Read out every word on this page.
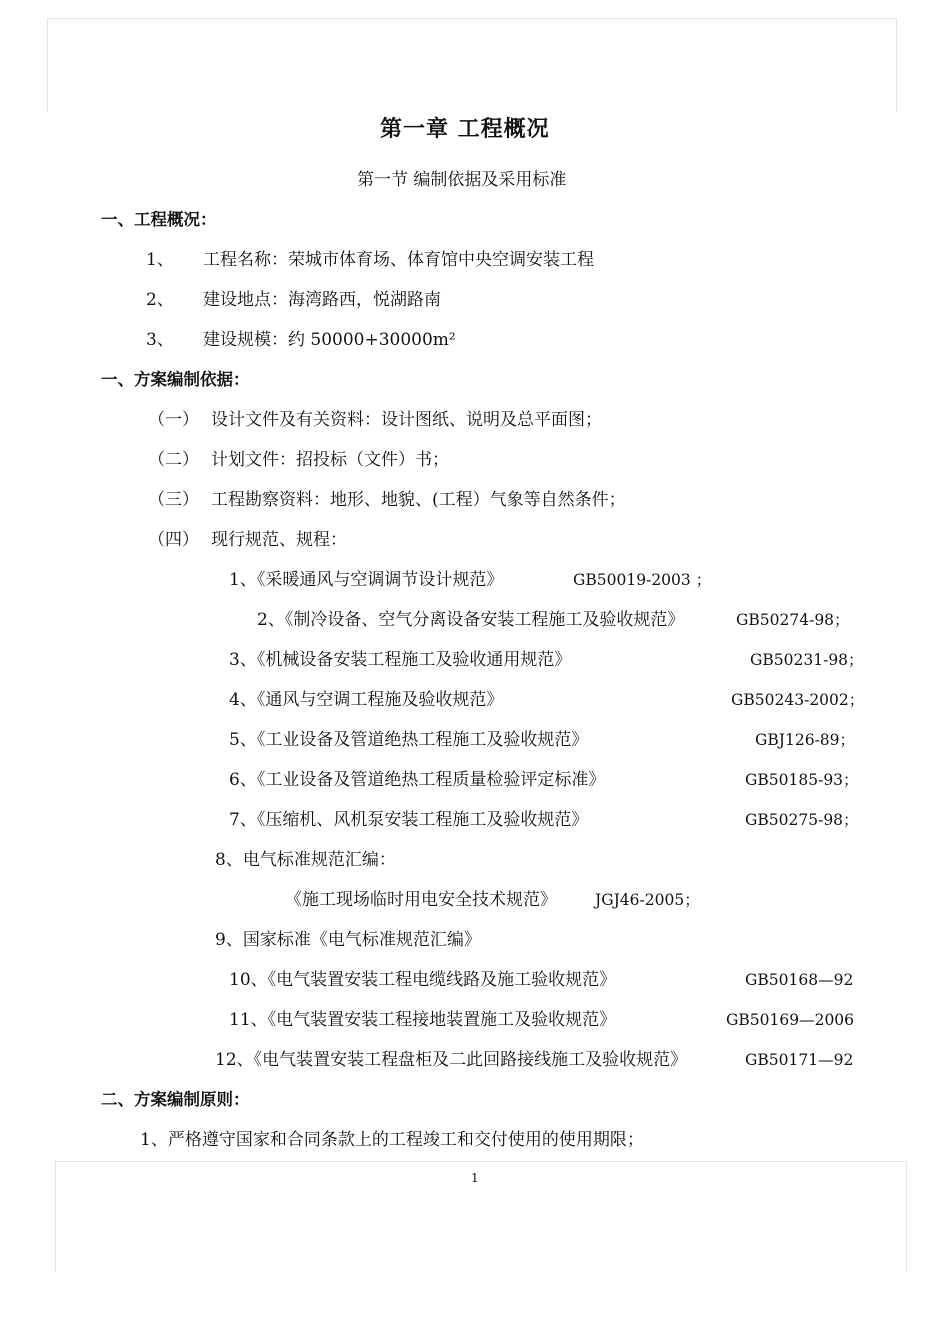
第一章 工程概况
第一节 编制依据及采用标准
一、工程概况：
1、 工程名称：荣城市体育场、体育馆中央空调安装工程
2、 建设地点：海湾路西，悦湖路南
3、 建设规模：约 50000+30000m²
一、方案编制依据：
（一） 设计文件及有关资料：设计图纸、说明及总平面图；
（二） 计划文件：招投标（文件）书；
（三） 工程勘察资料：地形、地貌、(工程）气象等自然条件；
（四） 现行规范、规程：
1、《采暖通风与空调调节设计规范》	GB50019-2003 ；
2、《制冷设备、空气分离设备安装工程施工及验收规范》	GB50274-98；
3、《机械设备安装工程施工及验收通用规范》	GB50231-98；
4、《通风与空调工程施及验收规范》	GB50243-2002；
5、《工业设备及管道绝热工程施工及验收规范》	GBJ126-89；
6、《工业设备及管道绝热工程质量检验评定标准》	GB50185-93；
7、《压缩机、风机泵安装工程施工及验收规范》	GB50275-98；
8、电气标准规范汇编：
《施工现场临时用电安全技术规范》 JGJ46-2005；
9、国家标准《电气标准规范汇编》
10、《电气装置安装工程电缆线路及施工验收规范》	GB50168—92
11、《电气装置安装工程接地装置施工及验收规范》	GB50169—2006
12、《电气装置安装工程盘柜及二此回路接线施工及验收规范》	GB50171—92
二、方案编制原则：
1、严格遵守国家和合同条款上的工程竣工和交付使用的使用期限；
1
